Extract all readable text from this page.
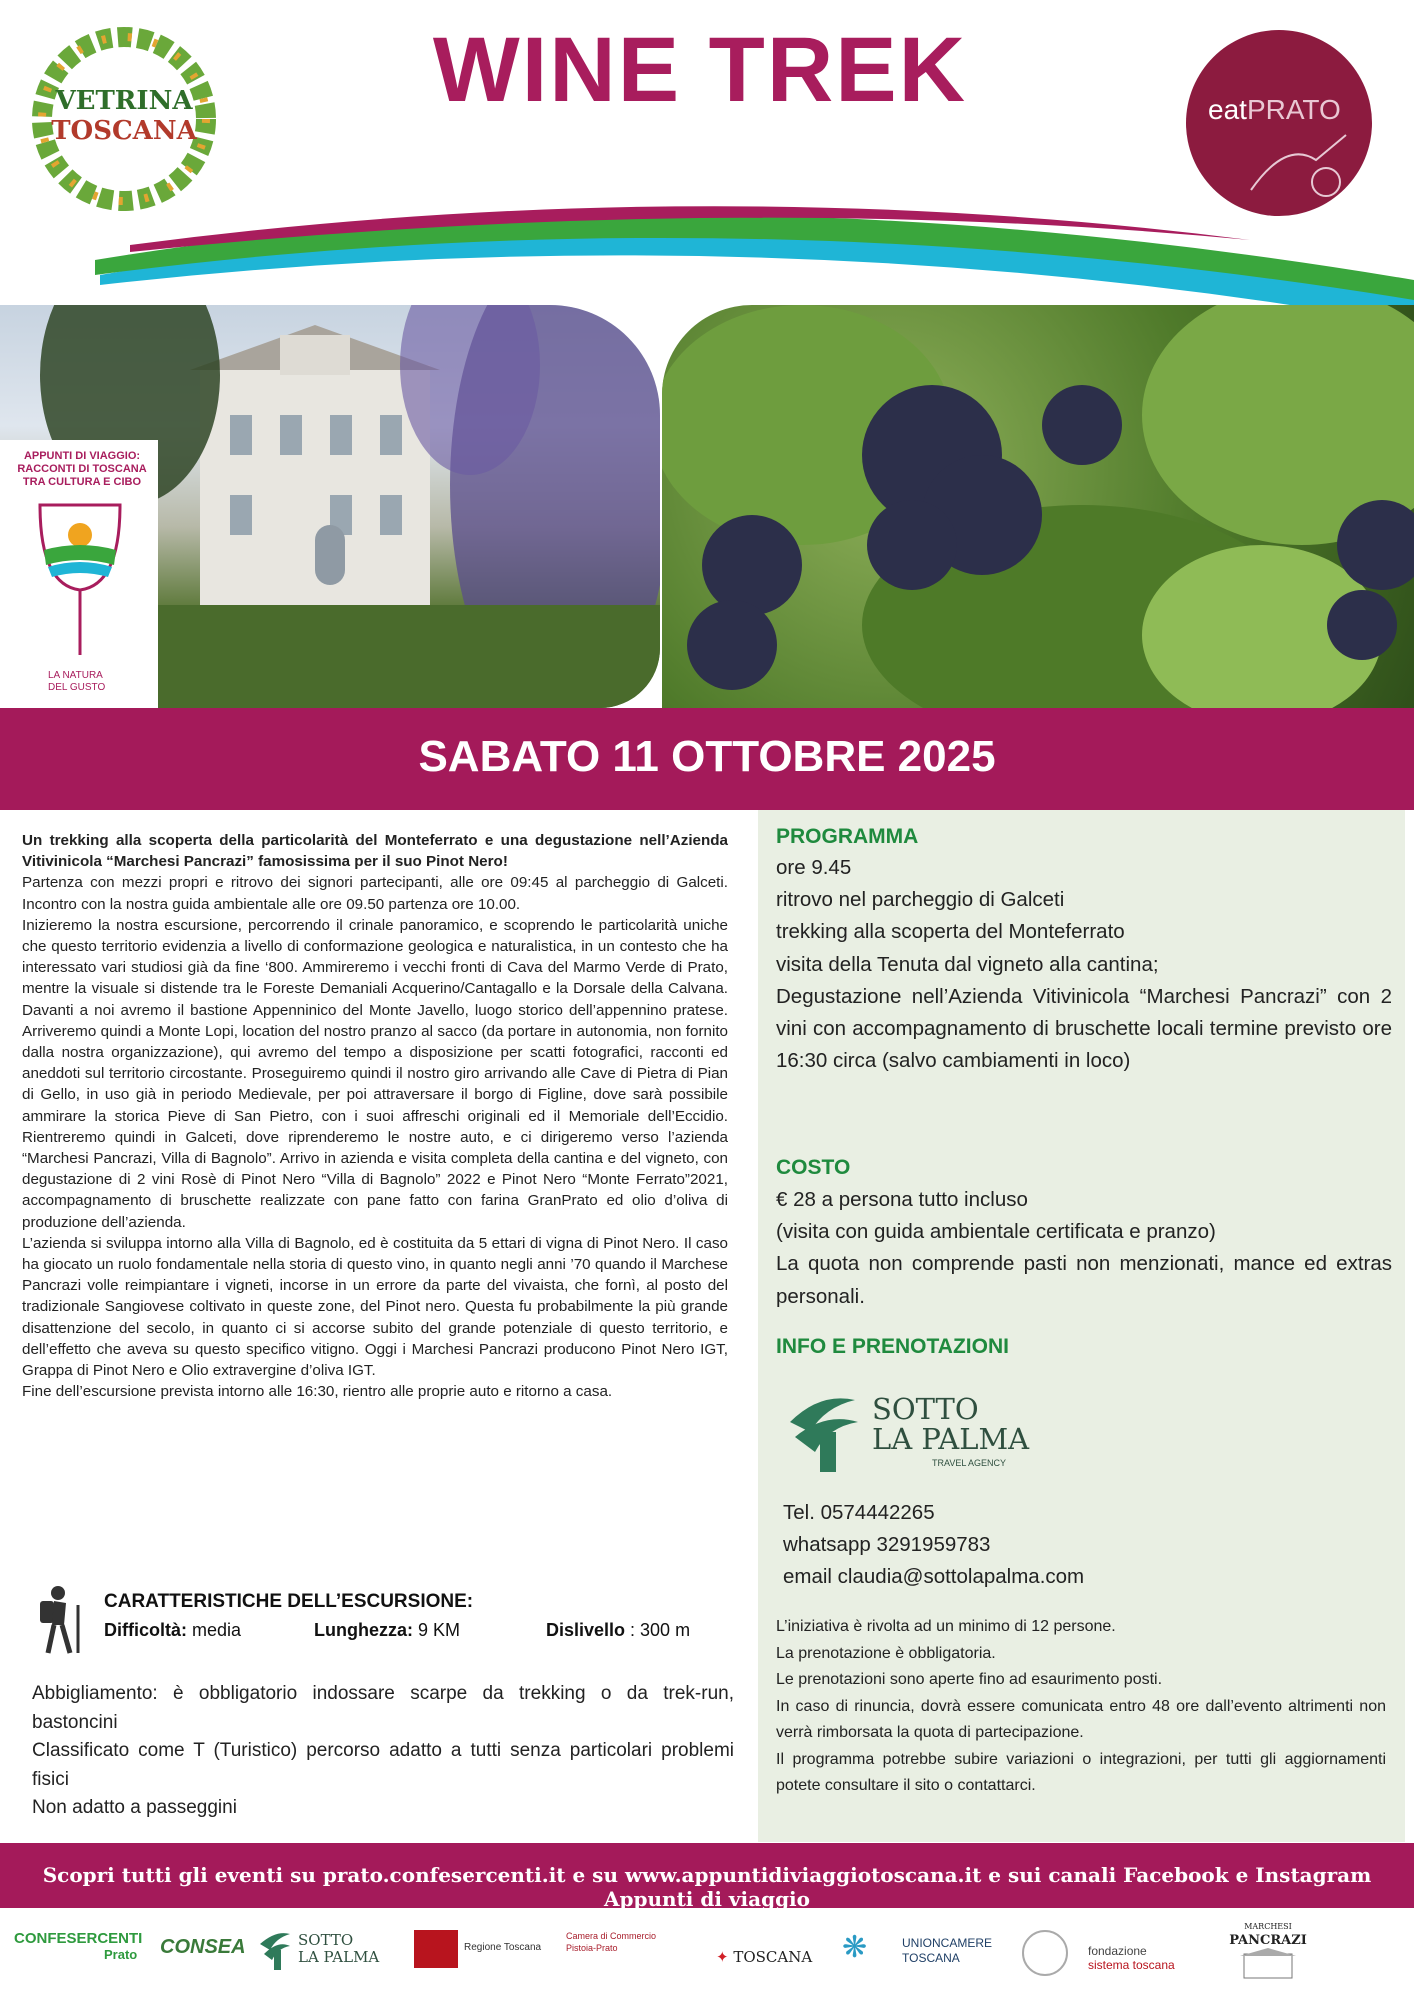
VETRINA
TOSCANA
WINE TREK	eatPRATO
APPUNTI DI VIAGGIO:
RACCONTI DI TOSCANA
TRA CULTURA E CIBO
LA NATURA
DEL GUSTO
SABATO 11 OTTOBRE 2025

Un trekking alla scoperta della particolarità del Monteferrato e una degustazione nell’Azienda Vitivinicola “Marchesi Pancrazi” famosissima per il suo Pinot Nero!

Partenza con mezzi propri e ritrovo dei signori partecipanti, alle ore 09:45 al parcheggio di Galceti. Incontro con la nostra guida ambientale alle ore 09.50 partenza ore 10.00.

Inizieremo la nostra escursione, percorrendo il crinale panoramico, e scoprendo le particolarità uniche che questo territorio evidenzia a livello di conformazione geologica e naturalistica, in un contesto che ha interessato vari studiosi già da fine ‘800. Ammireremo i vecchi fronti di Cava del Marmo Verde di Prato, mentre la visuale si distende tra le Foreste Demaniali Acquerino/Cantagallo e la Dorsale della Calvana. Davanti a noi avremo il bastione Appenninico del Monte Javello, luogo storico dell’appennino pratese. Arriveremo quindi a Monte Lopi, location del nostro pranzo al sacco (da portare in autonomia, non fornito dalla nostra organizzazione), qui avremo del tempo a disposizione per scatti fotografici, racconti ed aneddoti sul territorio circostante. Proseguiremo quindi il nostro giro arrivando alle Cave di Pietra di Pian di Gello, in uso già in periodo Medievale, per poi attraversare il borgo di Figline, dove sarà possibile ammirare la storica Pieve di San Pietro, con i suoi affreschi originali ed il Memoriale dell’Eccidio. Rientreremo quindi in Galceti, dove riprenderemo le nostre auto, e ci dirigeremo verso l’azienda “Marchesi Pancrazi, Villa di Bagnolo”. Arrivo in azienda e visita completa della cantina e del vigneto, con degustazione di 2 vini Rosè di Pinot Nero “Villa di Bagnolo” 2022 e Pinot Nero “Monte Ferrato”2021, accompagnamento di bruschette realizzate con pane fatto con farina GranPrato ed olio d’oliva di produzione dell’azienda.

L’azienda si sviluppa intorno alla Villa di Bagnolo, ed è costituita da 5 ettari di vigna di Pinot Nero. Il caso ha giocato un ruolo fondamentale nella storia di questo vino, in quanto negli anni ’70 quando il Marchese Pancrazi volle reimpiantare i vigneti, incorse in un errore da parte del vivaista, che fornì, al posto del tradizionale Sangiovese coltivato in queste zone, del Pinot nero. Questa fu probabilmente la più grande disattenzione del secolo, in quanto ci si accorse subito del grande potenziale di questo territorio, e dell’effetto che aveva su questo specifico vitigno. Oggi i Marchesi Pancrazi producono Pinot Nero IGT, Grappa di Pinot Nero e Olio extravergine d’oliva IGT.

Fine dell’escursione prevista intorno alle 16:30, rientro alle proprie auto e ritorno a casa.

CARATTERISTICHE DELL’ESCURSIONE:
Difficoltà: media	Lunghezza: 9 KM	Dislivello : 300 m

Abbigliamento: è obbligatorio indossare scarpe da trekking o da trek-run, bastoncini

Classificato come T (Turistico) percorso adatto a tutti senza particolari problemi fisici

Non adatto a passeggini

PROGRAMMA

ore 9.45

ritrovo nel parcheggio di Galceti

trekking alla scoperta del Monteferrato

visita della Tenuta dal vigneto alla cantina;

Degustazione nell’Azienda Vitivinicola “Marchesi Pancrazi” con 2 vini con accompagnamento di bruschette locali termine previsto ore 16:30 circa (salvo cambiamenti in loco)

COSTO

€ 28 a persona tutto incluso

(visita con guida ambientale certificata e pranzo)

La quota non comprende pasti non menzionati, mance ed extras personali.

INFO E PRENOTAZIONI
SOTTO
LA PALMA
TRAVEL AGENCY

Tel. 0574442265

whatsapp 3291959783

email claudia@sottolapalma.com

L’iniziativa è rivolta ad un minimo di 12 persone.

La prenotazione è obbligatoria.

Le prenotazioni sono aperte fino ad esaurimento posti.

In caso di rinuncia, dovrà essere comunicata entro 48 ore dall’evento altrimenti non verrà rimborsata la quota di partecipazione.

Il programma potrebbe subire variazioni o integrazioni, per tutti gli aggiornamenti potete consultare il sito o contattarci.

Scopri tutti gli eventi su prato.confesercenti.it e su www.appuntidiviaggiotoscana.it e sui canali Facebook e Instagram Appunti di viaggio
CONFESERCENTI
Prato CONSEA	SOTTO
LA PALMA
Regione Toscana
Camera di Commercio
Pistoia-Prato	✦ TOSCANA ❋	UNIONCAMERE
TOSCANA	fondazione
sistema toscana
MARCHESI
PANCRAZI
